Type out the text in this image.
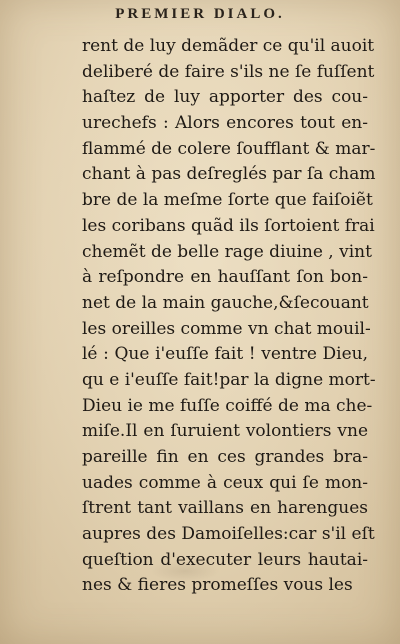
PREMIER DIALO.
rent de luy demãder ce qu'il auoit
deliberé de faire s'ils ne ſe fuſſent
haſtez de luy apporter des cou-
urechefs : Alors encores tout en-
flammé de colere ſoufflant & mar-
chant à pas deſreglés par ſa cham
bre de la meſme ſorte que faiſoiẽt
les coribans quãd ils ſortoient frai
chemẽt de belle rage diuine , vint
à reſpondre en hauſſant ſon bon-
net de la main gauche,&ſecouant
les oreilles comme vn chat mouil-
lé : Que i'euſſe fait ! ventre Dieu,
qu e i'euſſe fait!par la digne mort-
Dieu ie me fuſſe coiffé de ma che-
miſe.Il en ſuruient volontiers vne
pareille fin en ces grandes bra-
uades comme à ceux qui ſe mon-
ſtrent tant vaillans en harengues
aupres des Damoiſelles:car s'il eſt
queſtion d'executer leurs hautai-
nes & fieres promeſſes vous les
